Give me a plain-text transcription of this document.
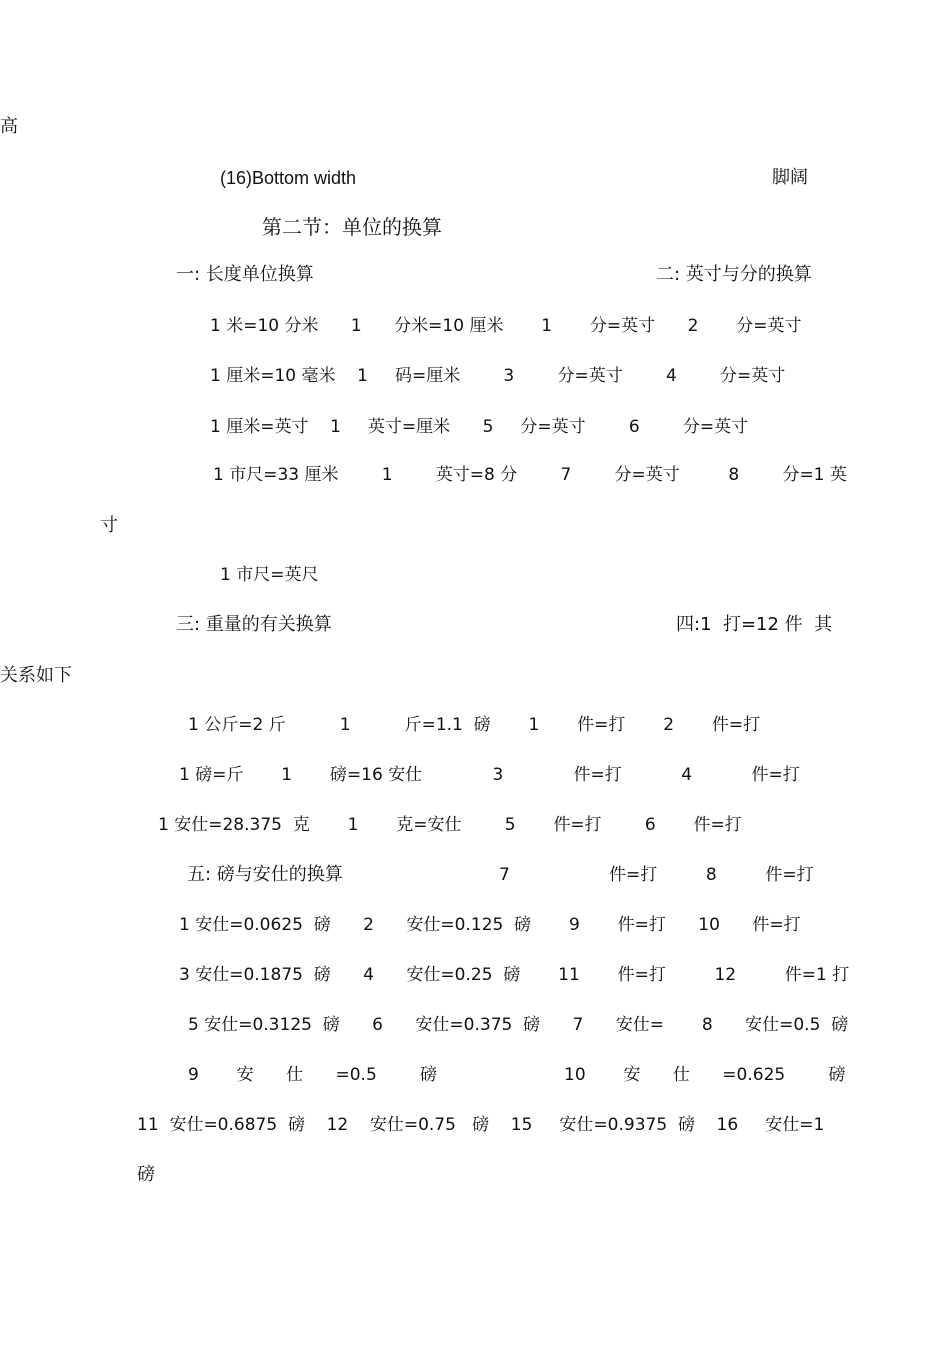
高
(16)Bottom width	脚阔
第二节：单位的换算
一: 长度单位换算	二: 英寸与分的换算
1 米=10 分米      1      分米=10 厘米       1       分=英寸      2       分=英寸
1 厘米=10 毫米    1     码=厘米        3        分=英寸        4        分=英寸
1 厘米=英寸    1     英寸=厘米      5     分=英寸        6        分=英寸
1 市尺=33 厘米        1        英寸=8 分        7        分=英寸         8        分=1 英
寸
1 市尺=英尺
三: 重量的有关换算	四:1  打=12 件  其
关系如下
1 公斤=2 斤          1          斤=1.1  磅       1       件=打       2       件=打
1 磅=斤       1       磅=16 安仕             3             件=打           4           件=打
1 安仕=28.375  克       1       克=安仕        5       件=打        6       件=打
五: 磅与安仕的换算	7	件=打         8         件=打
1 安仕=0.0625  磅      2      安仕=0.125  磅       9       件=打      10      件=打
3 安仕=0.1875  磅      4      安仕=0.25  磅       11       件=打         12         件=1 打
5 安仕=0.3125  磅      6      安仕=0.375  磅      7      安仕=       8      安仕=0.5  磅
9       安      仕      =0.5        磅	10       安      仕      =0.625        磅
11  安仕=0.6875  磅    12    安仕=0.75   磅    15     安仕=0.9375  磅    16     安仕=1
磅
